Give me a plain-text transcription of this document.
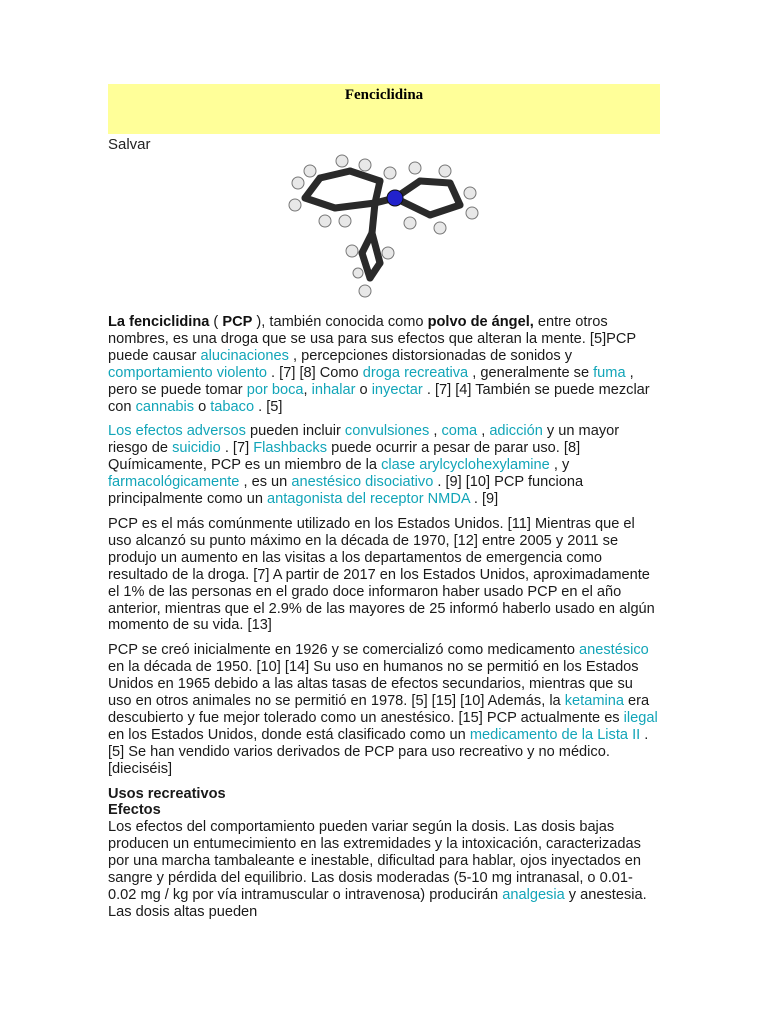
Fenciclidina
Salvar

La fenciclidina ( PCP ), también conocida como polvo de ángel, entre otros nombres, es una droga que se usa para sus efectos que alteran la mente. [5]PCP puede causar alucinaciones , percepciones distorsionadas de sonidos y comportamiento violento . [7] [8] Como droga recreativa , generalmente se fuma , pero se puede tomar por boca, inhalar o inyectar . [7] [4] También se puede mezclar con cannabis o tabaco . [5]

Los efectos adversos pueden incluir convulsiones , coma , adicción y un mayor riesgo de suicidio . [7] Flashbacks puede ocurrir a pesar de parar uso. [8] Químicamente, PCP es un miembro de la clase arylcyclohexylamine , y farmacológicamente , es un anestésico disociativo . [9] [10] PCP funciona principalmente como un antagonista del receptor NMDA . [9]

PCP es el más comúnmente utilizado en los Estados Unidos. [11] Mientras que el uso alcanzó su punto máximo en la década de 1970, [12] entre 2005 y 2011 se produjo un aumento en las visitas a los departamentos de emergencia como resultado de la droga. [7] A partir de 2017 en los Estados Unidos, aproximadamente el 1% de las personas en el grado doce informaron haber usado PCP en el año anterior, mientras que el 2.9% de las mayores de 25 informó haberlo usado en algún momento de su vida. [13]

PCP se creó inicialmente en 1926 y se comercializó como medicamento anestésico en la década de 1950. [10] [14] Su uso en humanos no se permitió en los Estados Unidos en 1965 debido a las altas tasas de efectos secundarios, mientras que su uso en otros animales no se permitió en 1978. [5] [15] [10] Además, la ketamina era descubierto y fue mejor tolerado como un anestésico. [15] PCP actualmente es ilegal en los Estados Unidos, donde está clasificado como un medicamento de la Lista II . [5] Se han vendido varios derivados de PCP para uso recreativo y no médico. [dieciséis]

Usos recreativos
Efectos

Los efectos del comportamiento pueden variar según la dosis. Las dosis bajas producen un entumecimiento en las extremidades y la intoxicación, caracterizadas por una marcha tambaleante e inestable, dificultad para hablar, ojos inyectados en sangre y pérdida del equilibrio. Las dosis moderadas (5-10 mg intranasal, o 0.01-0.02 mg / kg por vía intramuscular o intravenosa) producirán analgesia y anestesia. Las dosis altas pueden
